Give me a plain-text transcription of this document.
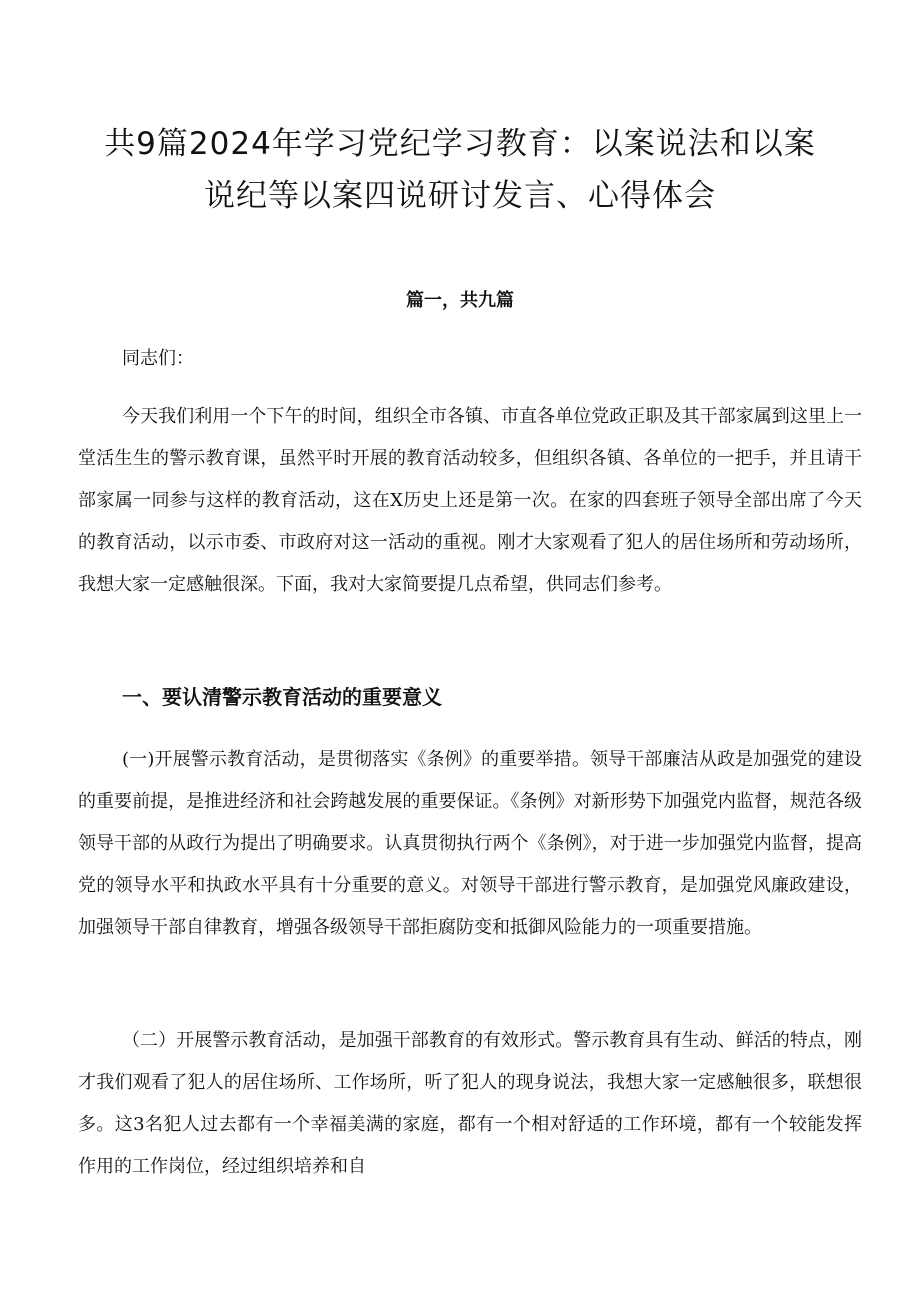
共9篇2024年学习党纪学习教育：以案说法和以案
说纪等以案四说研讨发言、心得体会

篇一，共九篇

同志们：

今天我们利用一个下午的时间，组织全市各镇、市直各单位党政正职及其干部家属到这里上一堂活生生的警示教育课，虽然平时开展的教育活动较多，但组织各镇、各单位的一把手，并且请干部家属一同参与这样的教育活动，这在X历史上还是第一次。在家的四套班子领导全部出席了今天的教育活动，以示市委、市政府对这一活动的重视。刚才大家观看了犯人的居住场所和劳动场所，我想大家一定感触很深。下面，我对大家简要提几点希望，供同志们参考。

一、要认清警示教育活动的重要意义

(一)开展警示教育活动，是贯彻落实《条例》的重要举措。领导干部廉洁从政是加强党的建设的重要前提，是推进经济和社会跨越发展的重要保证。《条例》对新形势下加强党内监督，规范各级领导干部的从政行为提出了明确要求。认真贯彻执行两个《条例》，对于进一步加强党内监督，提高党的领导水平和执政水平具有十分重要的意义。对领导干部进行警示教育，是加强党风廉政建设，加强领导干部自律教育，增强各级领导干部拒腐防变和抵御风险能力的一项重要措施。

（二）开展警示教育活动，是加强干部教育的有效形式。警示教育具有生动、鲜活的特点，刚才我们观看了犯人的居住场所、工作场所，听了犯人的现身说法，我想大家一定感触很多，联想很多。这3名犯人过去都有一个幸福美满的家庭，都有一个相对舒适的工作环境，都有一个较能发挥作用的工作岗位，经过组织培养和自
